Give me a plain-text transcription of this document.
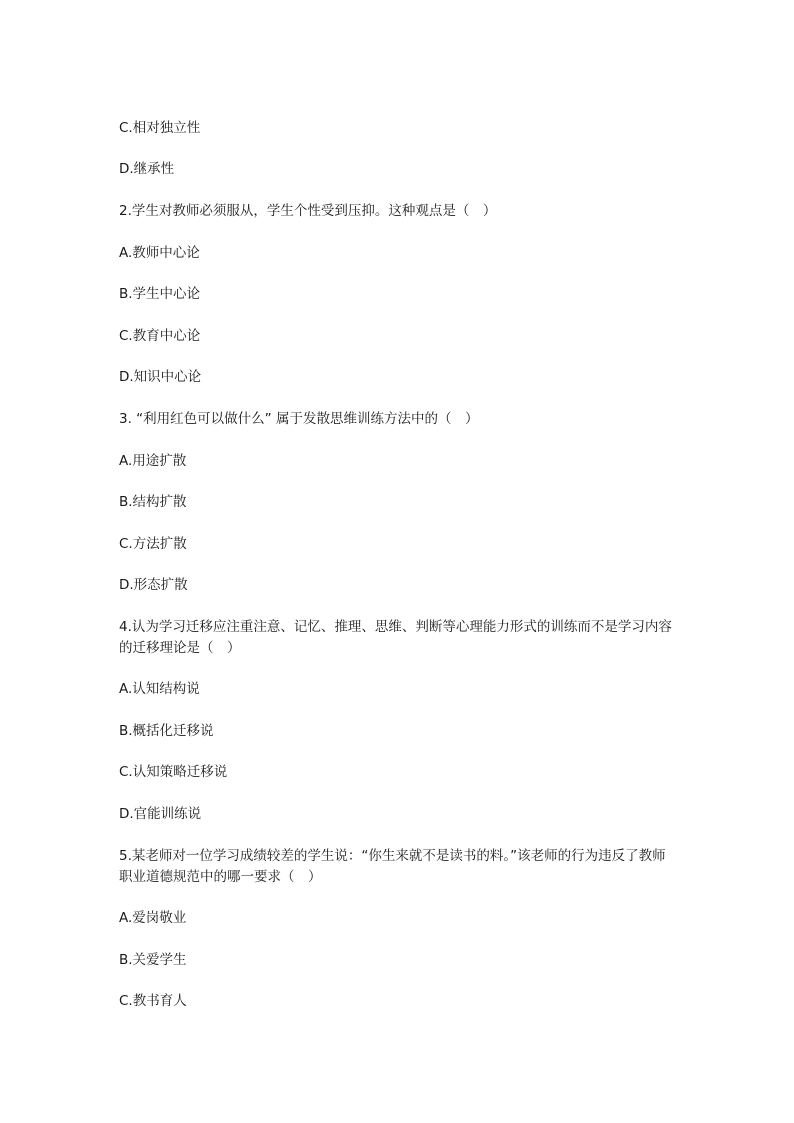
C.相对独立性
D.继承性
2.学生对教师必须服从，学生个性受到压抑。这种观点是（　）
A.教师中心论
B.学生中心论
C.教育中心论
D.知识中心论
3. “利用红色可以做什么” 属于发散思维训练方法中的（　）
A.用途扩散
B.结构扩散
C.方法扩散
D.形态扩散
4.认为学习迁移应注重注意、记忆、推理、思维、判断等心理能力形式的训练而不是学习内容的迁移理论是（　）
A.认知结构说
B.概括化迁移说
C.认知策略迁移说
D.官能训练说
5.某老师对一位学习成绩较差的学生说：“你生来就不是读书的料。”该老师的行为违反了教师职业道德规范中的哪一要求（　）
A.爱岗敬业
B.关爱学生
C.教书育人
